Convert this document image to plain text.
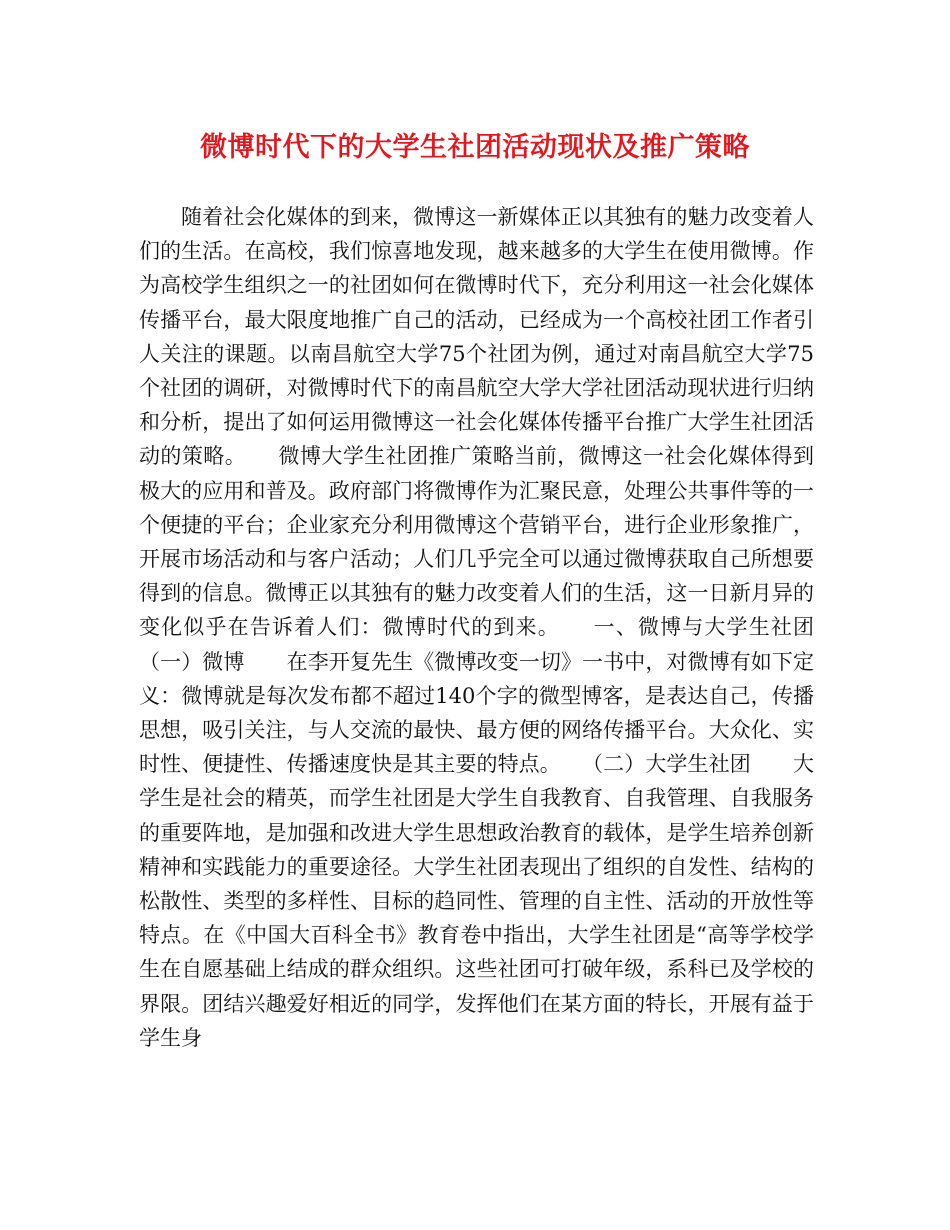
微博时代下的大学生社团活动现状及推广策略

随着社会化媒体的到来，微博这一新媒体正以其独有的魅力改变着人们的生活。在高校，我们惊喜地发现，越来越多的大学生在使用微博。作为高校学生组织之一的社团如何在微博时代下，充分利用这一社会化媒体传播平台，最大限度地推广自己的活动，已经成为一个高校社团工作者引人关注的课题。以南昌航空大学75个社团为例，通过对南昌航空大学75个社团的调研，对微博时代下的南昌航空大学大学社团活动现状进行归纳和分析，提出了如何运用微博这一社会化媒体传播平台推广大学生社团活动的策略。　　微博大学生社团推广策略当前，微博这一社会化媒体得到极大的应用和普及。政府部门将微博作为汇聚民意，处理公共事件等的一个便捷的平台；企业家充分利用微博这个营销平台，进行企业形象推广，开展市场活动和与客户活动；人们几乎完全可以通过微博获取自己所想要得到的信息。微博正以其独有的魅力改变着人们的生活，这一日新月异的变化似乎在告诉着人们：微博时代的到来。　　一、微博与大学生社团　　（一）微博　　在李开复先生《微博改变一切》一书中，对微博有如下定义：微博就是每次发布都不超过140个字的微型博客，是表达自己，传播思想，吸引关注，与人交流的最快、最方便的网络传播平台。大众化、实时性、便捷性、传播速度快是其主要的特点。　　（二）大学生社团　　大学生是社会的精英，而学生社团是大学生自我教育、自我管理、自我服务的重要阵地，是加强和改进大学生思想政治教育的载体，是学生培养创新精神和实践能力的重要途径。大学生社团表现出了组织的自发性、结构的松散性、类型的多样性、目标的趋同性、管理的自主性、活动的开放性等特点。在《中国大百科全书》教育卷中指出，大学生社团是“高等学校学生在自愿基础上结成的群众组织。这些社团可打破年级，系科已及学校的界限。团结兴趣爱好相近的同学，发挥他们在某方面的特长，开展有益于学生身
